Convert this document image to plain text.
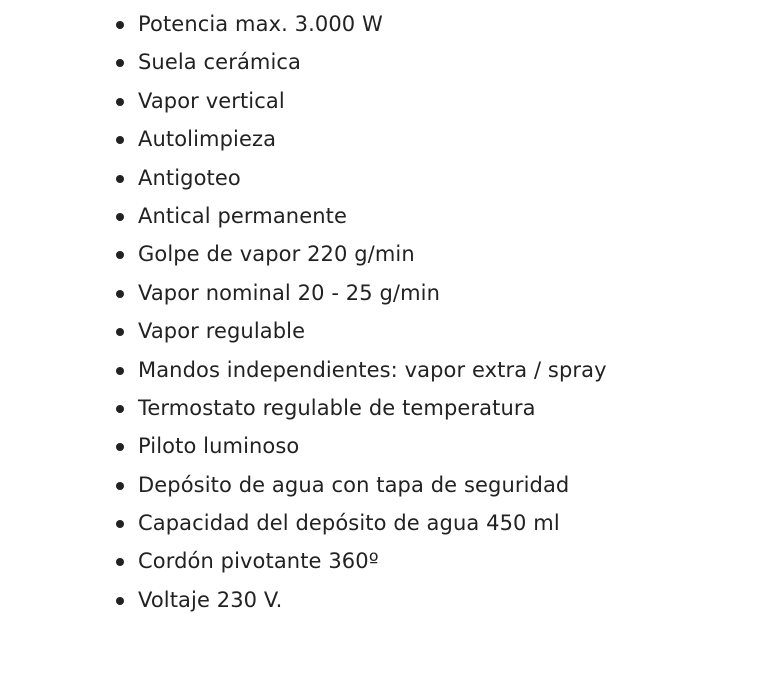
Potencia max. 3.000 W
Suela cerámica
Vapor vertical
Autolimpieza
Antigoteo
Antical permanente
Golpe de vapor 220 g/min
Vapor nominal 20 - 25 g/min
Vapor regulable
Mandos independientes: vapor extra / spray
Termostato regulable de temperatura
Piloto luminoso
Depósito de agua con tapa de seguridad
Capacidad del depósito de agua 450 ml
Cordón pivotante 360º
Voltaje 230 V.
